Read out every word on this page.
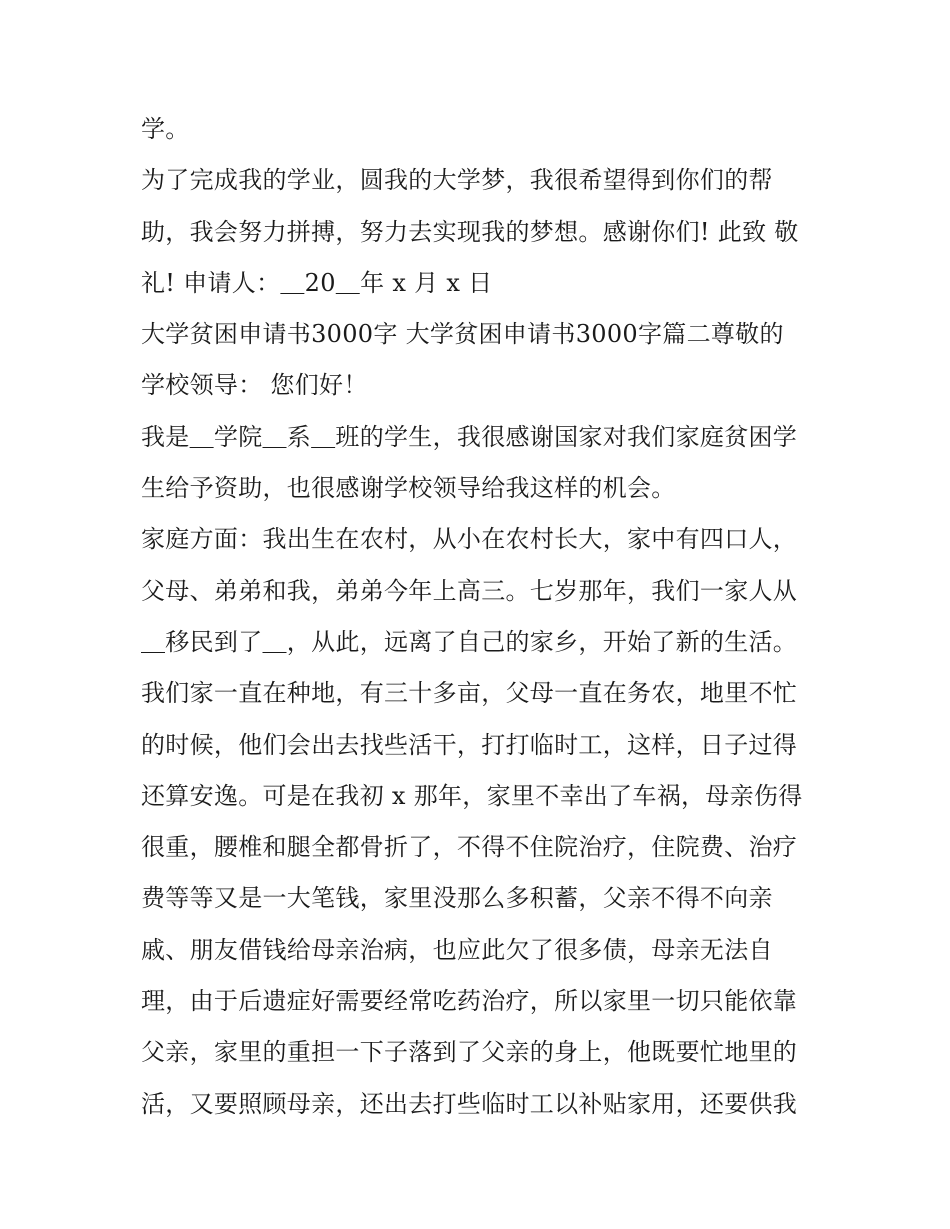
学。
为了完成我的学业，圆我的大学梦，我很希望得到你们的帮
助，我会努力拼搏，努力去实现我的梦想。感谢你们! 此致 敬
礼! 申请人：＿20＿年 x 月 x 日
大学贫困申请书3000字 大学贫困申请书3000字篇二尊敬的
学校领导： 您们好！
我是＿学院＿系＿班的学生，我很感谢国家对我们家庭贫困学
生给予资助，也很感谢学校领导给我这样的机会。
家庭方面：我出生在农村，从小在农村长大，家中有四口人，
父母、弟弟和我，弟弟今年上高三。七岁那年，我们一家人从
＿移民到了＿，从此，远离了自己的家乡，开始了新的生活。
我们家一直在种地，有三十多亩，父母一直在务农，地里不忙
的时候，他们会出去找些活干，打打临时工，这样，日子过得
还算安逸。可是在我初 x 那年，家里不幸出了车祸，母亲伤得
很重，腰椎和腿全都骨折了，不得不住院治疗，住院费、治疗
费等等又是一大笔钱，家里没那么多积蓄，父亲不得不向亲
戚、朋友借钱给母亲治病，也应此欠了很多债，母亲无法自
理，由于后遗症好需要经常吃药治疗，所以家里一切只能依靠
父亲，家里的重担一下子落到了父亲的身上，他既要忙地里的
活，又要照顾母亲，还出去打些临时工以补贴家用，还要供我
